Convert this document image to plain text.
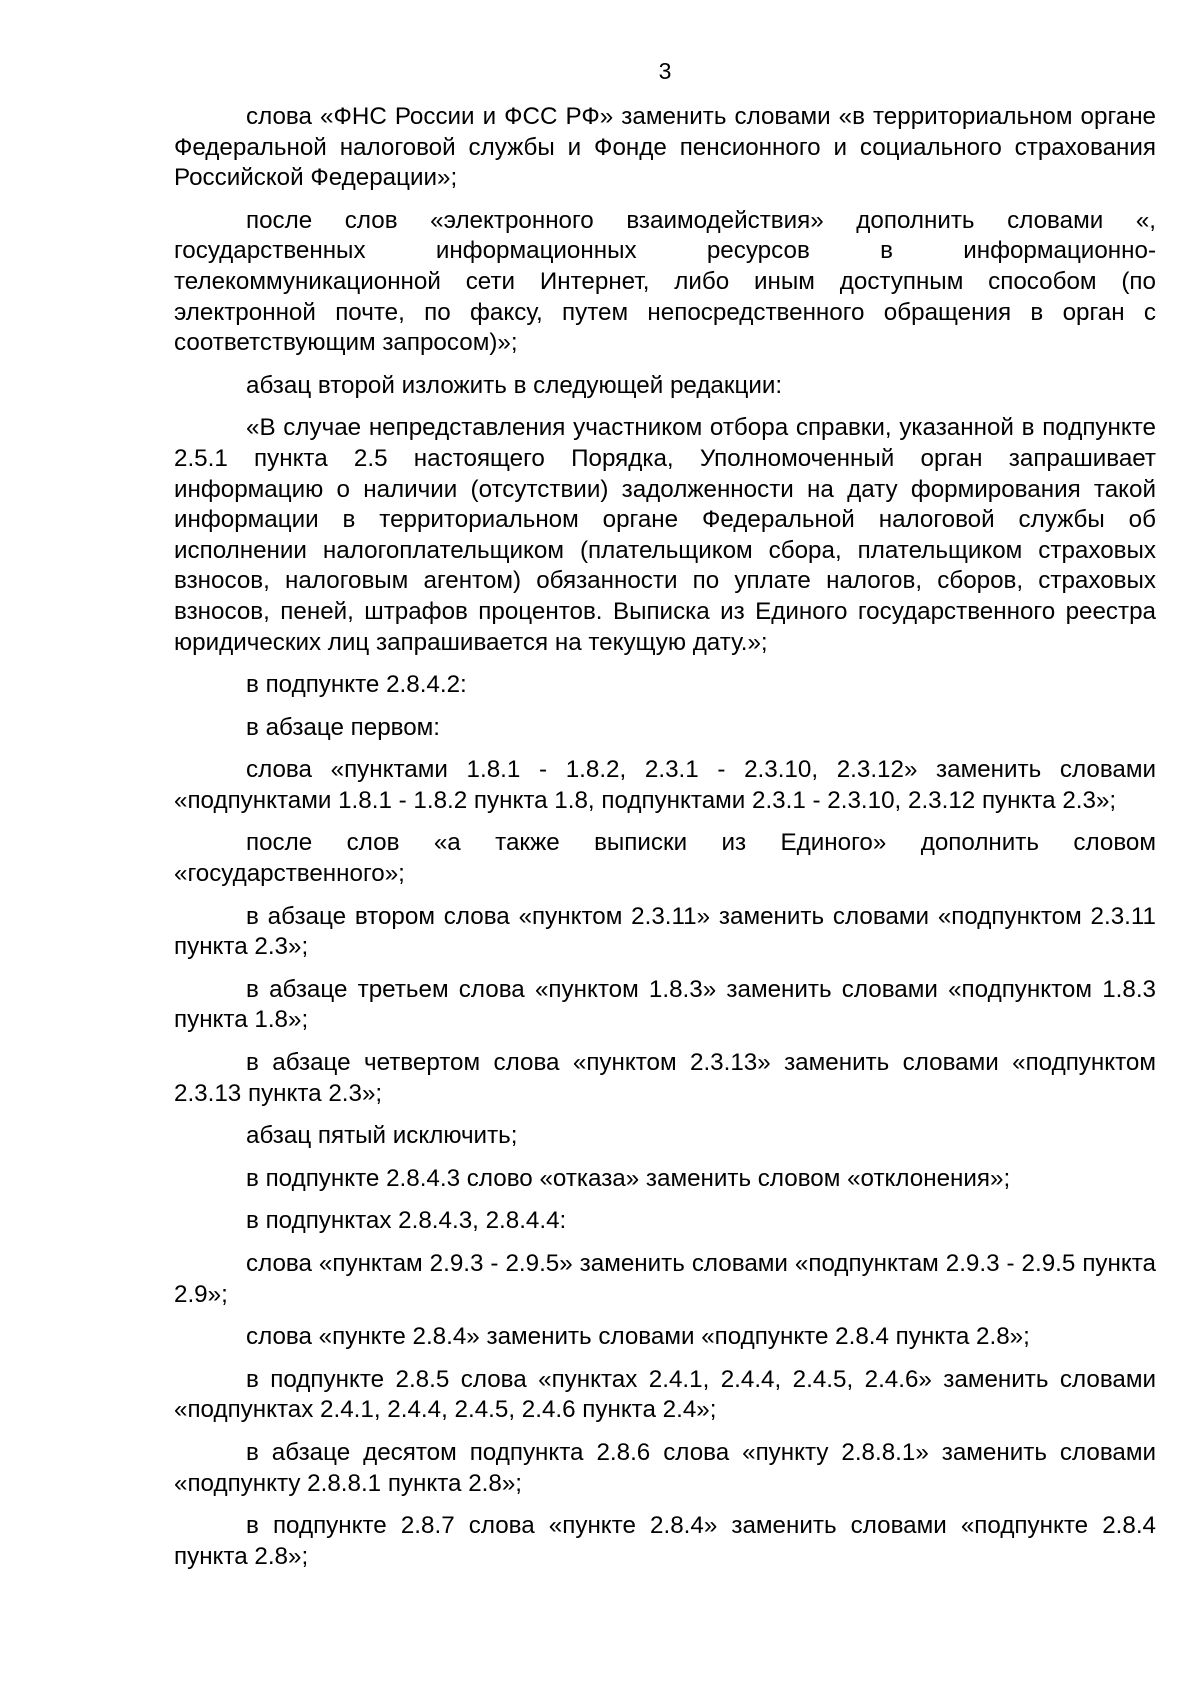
3

слова «ФНС России и ФСС РФ» заменить словами «в территориальном органе Федеральной налоговой службы и Фонде пенсионного и социального страхования Российской Федерации»;

после слов «электронного взаимодействия» дополнить словами «, государственных информационных ресурсов в информационно-телекоммуникационной сети Интернет, либо иным доступным способом (по электронной почте, по факсу, путем непосредственного обращения в орган с соответствующим запросом)»;

абзац второй изложить в следующей редакции:

«В случае непредставления участником отбора справки, указанной в подпункте 2.5.1 пункта 2.5 настоящего Порядка, Уполномоченный орган запрашивает информацию о наличии (отсутствии) задолженности на дату формирования такой информации в территориальном органе Федеральной налоговой службы об исполнении налогоплательщиком (плательщиком сбора, плательщиком страховых взносов, налоговым агентом) обязанности по уплате налогов, сборов, страховых взносов, пеней, штрафов процентов. Выписка из Единого государственного реестра юридических лиц запрашивается на текущую дату.»;

в подпункте 2.8.4.2:

в абзаце первом:

слова «пунктами 1.8.1 - 1.8.2, 2.3.1 - 2.3.10, 2.3.12» заменить словами «подпунктами 1.8.1 - 1.8.2 пункта 1.8, подпунктами 2.3.1 - 2.3.10, 2.3.12 пункта 2.3»;

после слов «а также выписки из Единого» дополнить словом «государственного»;

в абзаце втором слова «пунктом 2.3.11» заменить словами «подпунктом 2.3.11 пункта 2.3»;

в абзаце третьем слова «пунктом 1.8.3» заменить словами «подпунктом 1.8.3 пункта 1.8»;

в абзаце четвертом слова «пунктом 2.3.13» заменить словами «подпунктом 2.3.13 пункта 2.3»;

абзац пятый исключить;

в подпункте 2.8.4.3 слово «отказа» заменить словом «отклонения»;

в подпунктах 2.8.4.3, 2.8.4.4:

слова «пунктам 2.9.3 - 2.9.5» заменить словами «подпунктам 2.9.3 - 2.9.5 пункта 2.9»;

слова «пункте 2.8.4» заменить словами «подпункте 2.8.4 пункта 2.8»;

в подпункте 2.8.5 слова «пунктах 2.4.1, 2.4.4, 2.4.5, 2.4.6» заменить словами «подпунктах 2.4.1, 2.4.4, 2.4.5, 2.4.6 пункта 2.4»;

в абзаце десятом подпункта 2.8.6 слова «пункту 2.8.8.1» заменить словами «подпункту 2.8.8.1 пункта 2.8»;

в подпункте 2.8.7 слова «пункте 2.8.4» заменить словами «подпункте 2.8.4 пункта 2.8»;
